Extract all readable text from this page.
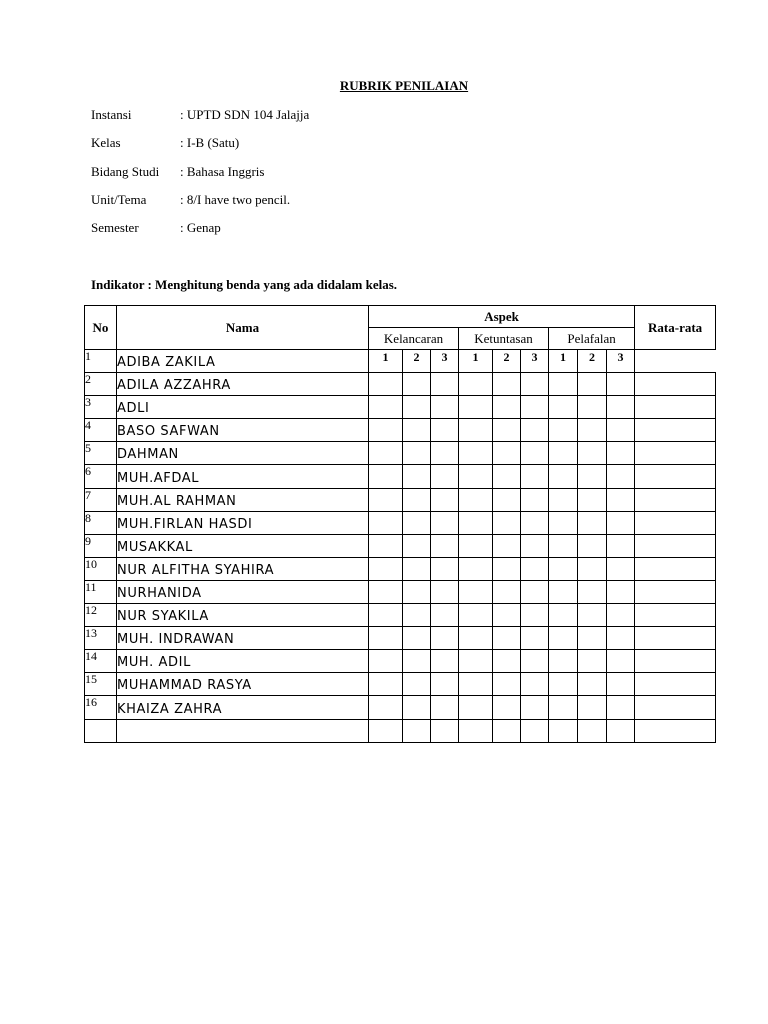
RUBRIK PENILAIAN
Instansi	: UPTD SDN 104 Jalajja
Kelas	: I-B (Satu)
Bidang Studi	: Bahasa Inggris
Unit/Tema	: 8/I have two pencil.
Semester	: Genap
Indikator : Menghitung benda yang ada didalam kelas.
No	Nama	Aspek									Rata-rata
		Kelancaran			Ketuntasan			Pelafalan			
1	ADIBA ZAKILA	1	2	3	1	2	3	1	2	3	
2	ADILA AZZAHRA										
3	ADLI										
4	BASO SAFWAN										
5	DAHMAN										
6	MUH.AFDAL										
7	MUH.AL RAHMAN										
8	MUH.FIRLAN HASDI										
9	MUSAKKAL										
10	NUR ALFITHA SYAHIRA										
11	NURHANIDA										
12	NUR SYAKILA										
13	MUH. INDRAWAN										
14	MUH. ADIL										
15	MUHAMMAD RASYA										
16	KHAIZA ZAHRA										
